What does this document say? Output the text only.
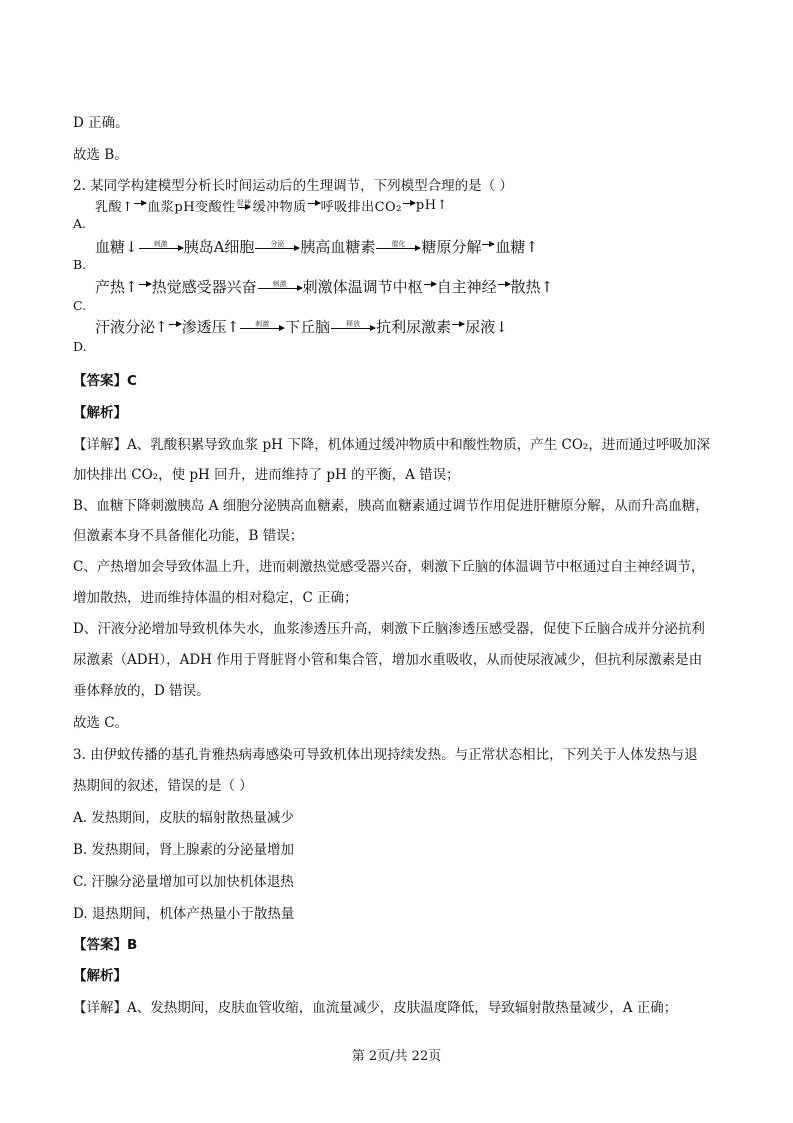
D 正确。
故选 B。
2. 某同学构建模型分析长时间运动后的生理调节，下列模型合理的是（ ）
乳酸↑ 血浆pH变酸性 促使 缓冲物质 呼吸排出CO₂ pH↑
A.
血糖↓ 刺激 胰岛A细胞 分泌 胰高血糖素 催化 糖原分解 血糖↑
B.
产热↑ 热觉感受器兴奋 刺激 刺激体温调节中枢 自主神经 散热↑
C.
汗液分泌↑ 渗透压↑ 刺激 下丘脑 释放 抗利尿激素 尿液↓
D.
【答案】C
【解析】
【详解】A、乳酸积累导致血浆 pH 下降，机体通过缓冲物质中和酸性物质，产生 CO₂，进而通过呼吸加深
加快排出 CO₂，使 pH 回升，进而维持了 pH 的平衡，A 错误；
B、血糖下降刺激胰岛 A 细胞分泌胰高血糖素，胰高血糖素通过调节作用促进肝糖原分解，从而升高血糖，
但激素本身不具备催化功能，B 错误；
C、产热增加会导致体温上升，进而刺激热觉感受器兴奋，刺激下丘脑的体温调节中枢通过自主神经调节，
增加散热，进而维持体温的相对稳定，C 正确；
D、汗液分泌增加导致机体失水，血浆渗透压升高，刺激下丘脑渗透压感受器，促使下丘脑合成并分泌抗利
尿激素（ADH），ADH 作用于肾脏肾小管和集合管，增加水重吸收，从而使尿液减少，但抗利尿激素是由
垂体释放的，D 错误。
故选 C。
3. 由伊蚊传播的基孔肯雅热病毒感染可导致机体出现持续发热。与正常状态相比，下列关于人体发热与退
热期间的叙述，错误的是（ ）
A. 发热期间，皮肤的辐射散热量减少
B. 发热期间，肾上腺素的分泌量增加
C. 汗腺分泌量增加可以加快机体退热
D. 退热期间，机体产热量小于散热量
【答案】B
【解析】
【详解】A、发热期间，皮肤血管收缩，血流量减少，皮肤温度降低，导致辐射散热量减少，A 正确；
第 2页/共 22页
